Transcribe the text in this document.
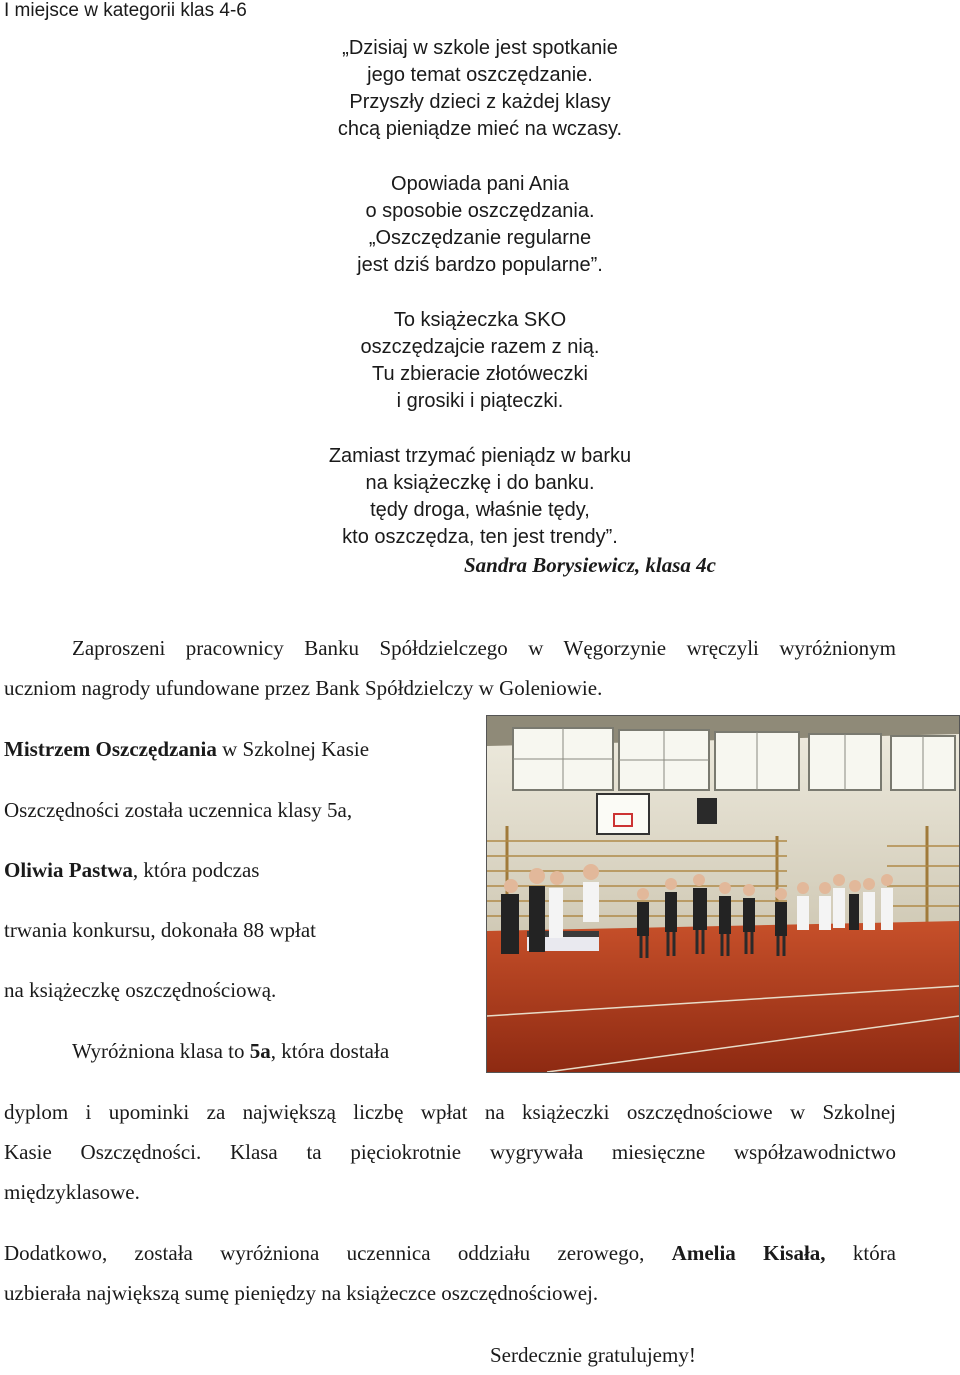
I miejsce w kategorii klas 4-6
„Dzisiaj w szkole jest spotkanie
jego temat oszczędzanie.
Przyszły dzieci z każdej klasy
chcą pieniądze mieć na wczasy.
Opowiada pani Ania
o sposobie oszczędzania.
„Oszczędzanie regularne
jest dziś bardzo popularne”.
To książeczka SKO
oszczędzajcie razem z nią.
Tu zbieracie złotóweczki
i grosiki i piąteczki.
Zamiast trzymać pieniądz w barku
na książeczkę i do banku.
tędy droga, właśnie tędy,
kto oszczędza, ten jest trendy”.
Sandra Borysiewicz, klasa 4c
Zaproszeni pracownicy Banku Spółdzielczego w Węgorzynie wręczyli wyróżnionym
uczniom nagrody ufundowane przez Bank Spółdzielczy w Goleniowie.
Mistrzem Oszczędzania w Szkolnej Kasie
Oszczędności została uczennica klasy 5a,
Oliwia Pastwa, która podczas
trwania konkursu, dokonała 88 wpłat
na książeczkę oszczędnościową.
Wyróżniona klasa to 5a, która dostała
dyplom i upominki za największą liczbę wpłat na książeczki oszczędnościowe w Szkolnej
Kasie Oszczędności. Klasa ta pięciokrotnie wygrywała miesięczne współzawodnictwo
międzyklasowe.
Dodatkowo, została wyróżniona uczennica oddziału zerowego, Amelia Kisała, która
uzbierała największą sumę pieniędzy na książeczce oszczędnościowej.
Serdecznie gratulujemy!
